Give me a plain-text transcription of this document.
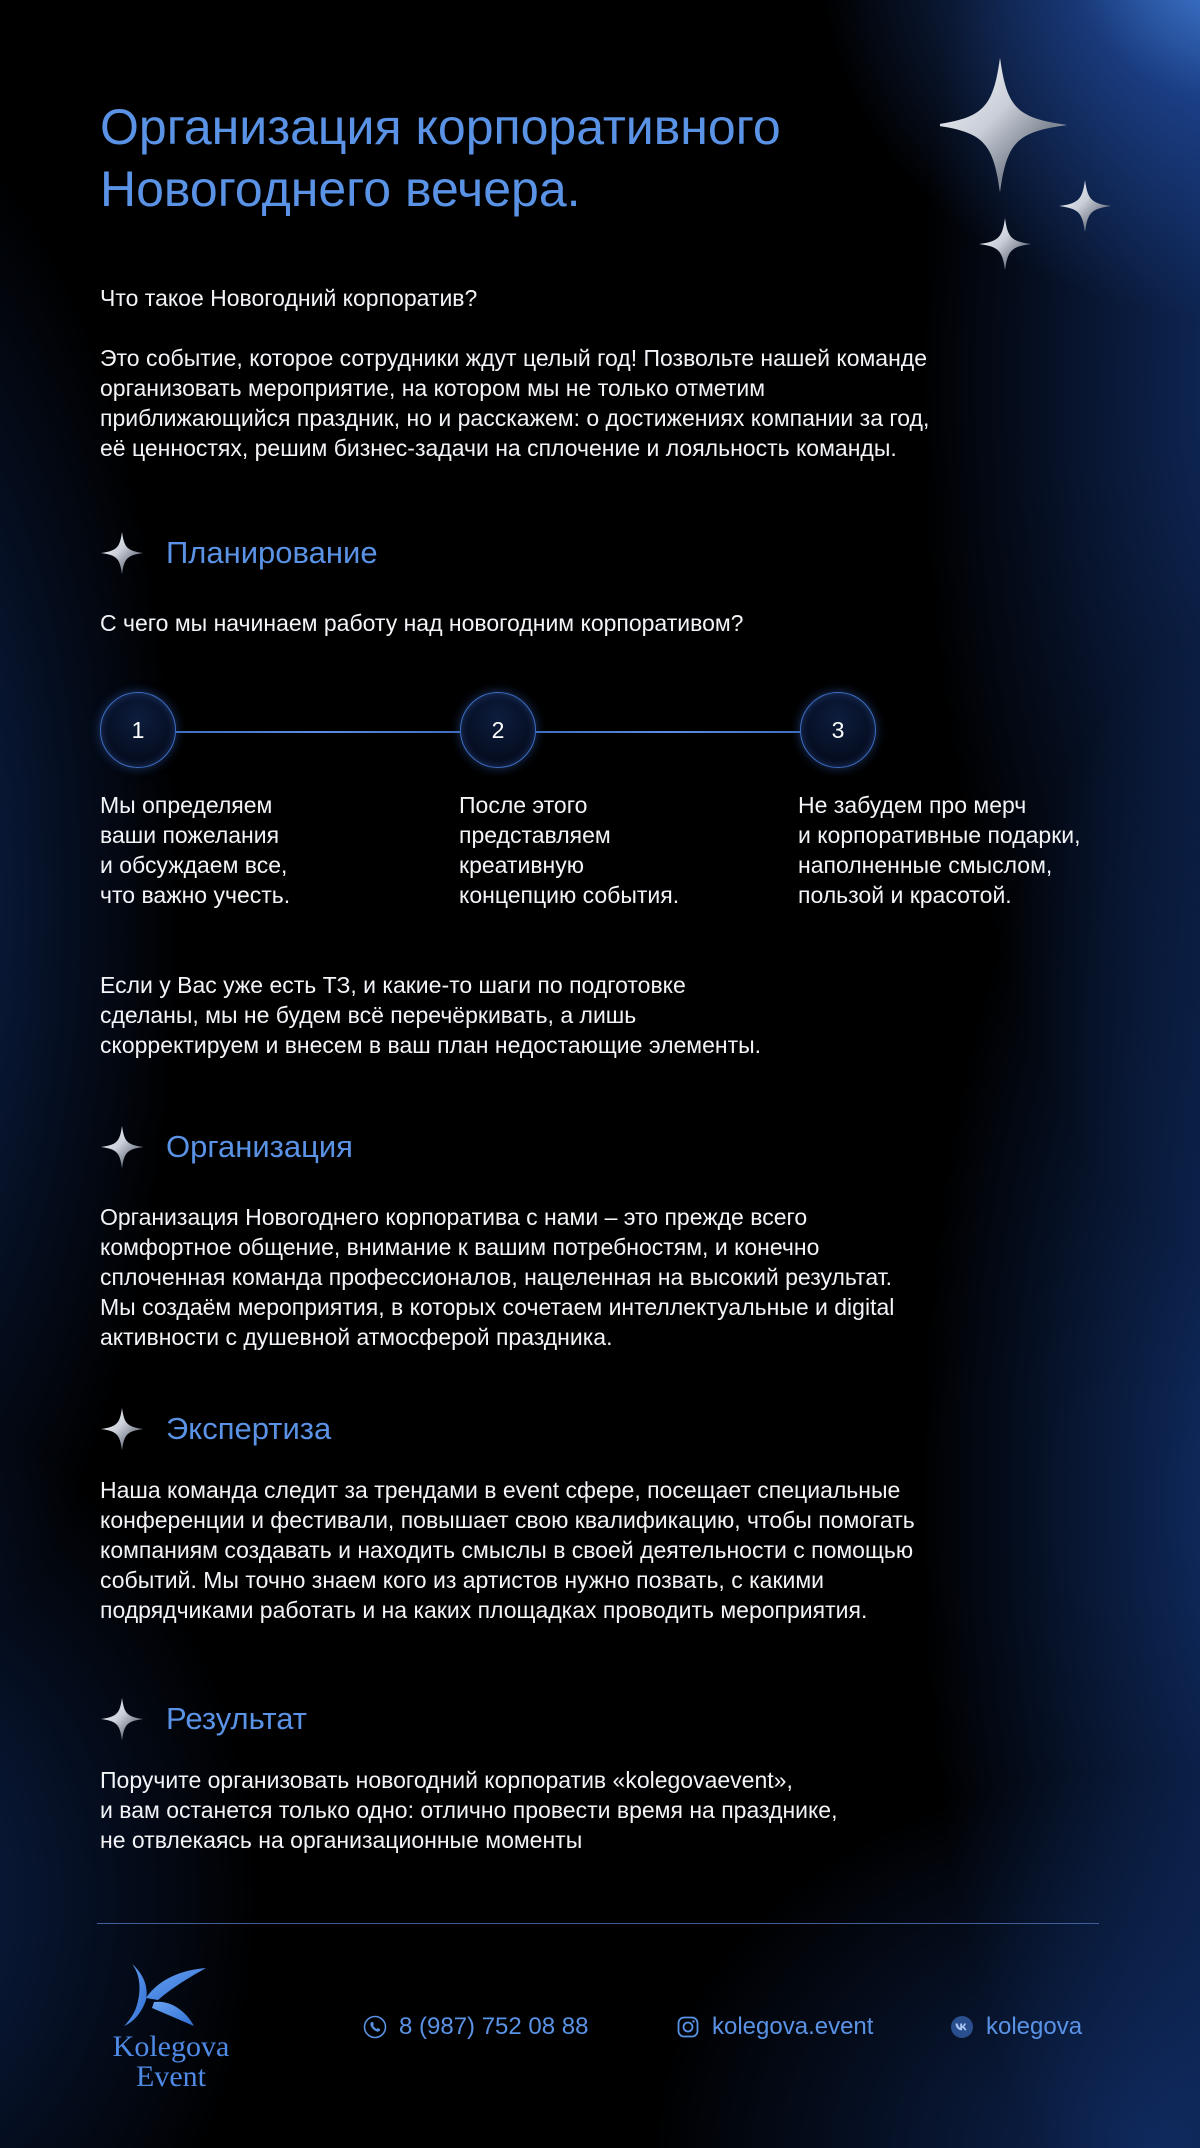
Организация корпоративного
Новогоднего вечера.

Что такое Новогодний корпоратив?

Это событие, которое сотрудники ждут целый год! Позвольте нашей команде
организовать мероприятие, на котором мы не только отметим
приближающийся праздник, но и расскажем: о достижениях компании за год,
её ценностях, решим бизнес-задачи на сплочение и лояльность команды.

Планирование

С чего мы начинаем работу над новогодним корпоративом?

1	2	3

Мы определяем
ваши пожелания
и обсуждаем все,
что важно учесть.

После этого
представляем
креативную
концепцию события.

Не забудем про мерч
и корпоративные подарки,
наполненные смыслом,
пользой и красотой.

Если у Вас уже есть ТЗ, и какие-то шаги по подготовке
сделаны, мы не будем всё перечёркивать, а лишь
скорректируем и внесем в ваш план недостающие элементы.

Организация

Организация Новогоднего корпоратива с нами – это прежде всего
комфортное общение, внимание к вашим потребностям, и конечно
сплоченная команда профессионалов, нацеленная на высокий результат.
Мы создаём мероприятия, в которых сочетаем интеллектуальные и digital
активности с душевной атмосферой праздника.

Экспертиза

Наша команда следит за трендами в event сфере, посещает специальные
конференции и фестивали, повышает свою квалификацию, чтобы помогать
компаниям создавать и находить смыслы в своей деятельности с помощью
событий. Мы точно знаем кого из артистов нужно позвать, с какими
подрядчиками работать и на каких площадках проводить мероприятия.

Результат

Поручите организовать новогодний корпоратив «kolegovaevent»,
и вам останется только одно: отлично провести время на празднике,
не отвлекаясь на организационные моменты

Kolegova
Event

8 (987) 752 08 88	kolegova.event	kolegova
